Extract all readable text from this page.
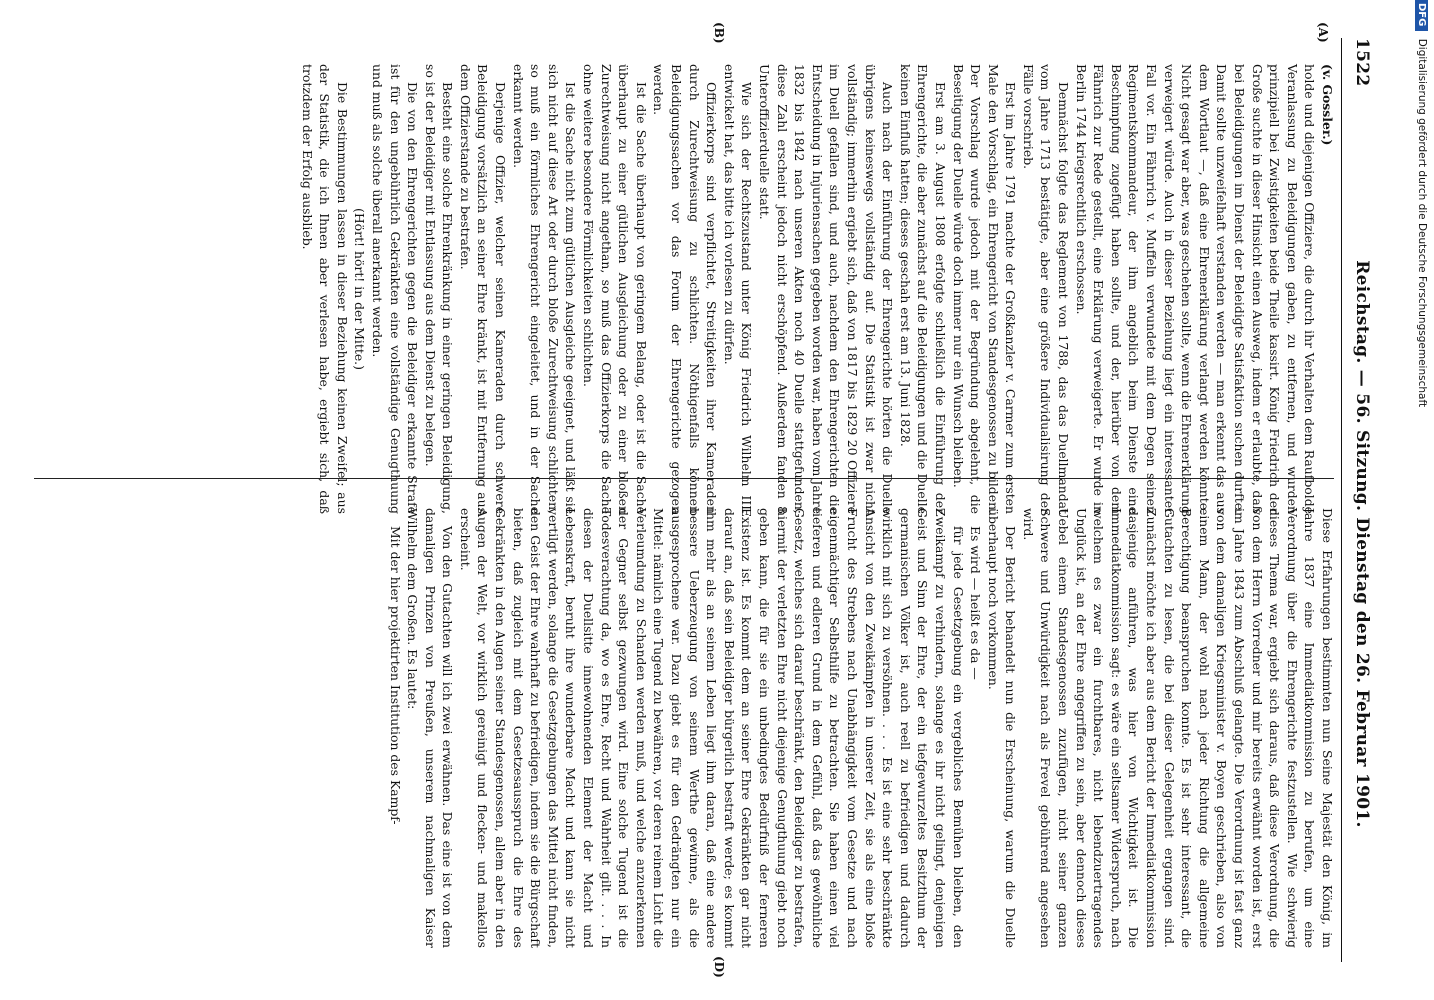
DFG Digitalisierung gefördert durch die Deutsche Forschungsgemeinschaft
1522
Reichstag. — 56. Sitzung. Dienstag den 26. Februar 1901.
(A)
(B)
(D)

(v. Gossler.)

holde und diejenigen Offiziere, die durch ihr Verhalten dem Raufbolde Veranlassung zu Beleidigungen gaben, zu entfernen, und wurden prinzipiell bei Zwistigkeiten beide Theile kassirt. König Friedrich der Große suchte in dieser Hinsicht einen Ausweg, indem er erlaubte, daß bei Beleidigungen im Dienst der Beleidigte Satisfaktion suchen durfte. Damit sollte unzweifelhaft verstanden werden — man erkennt das aus dem Wortlaut —, daß eine Ehrenerklärung verlangt werden könnte. Nicht gesagt war aber, was geschehen sollte, wenn die Ehrenerklärung verweigert würde. Auch in dieser Beziehung liegt ein interessanter Fall vor. Ein Fähnrich v. Muffeln verwundete mit dem Degen seinen Regimentskommandeur, der ihm angeblich beim Dienste eine Beschimpfung zugefügt haben sollte, und der, hierüber von dem Fähnrich zur Rede gestellt, eine Erklärung verweigerte. Er wurde in Berlin 1744 kriegsrechtlich erschossen.

Demnächst folgte das Reglement von 1788, das das Duellmandat vom Jahre 1713 bestätigte, aber eine größere Individualisirung der Fälle vorschrieb.

Erst im Jahre 1791 machte der Großkanzler v. Carmer zum ersten Male den Vorschlag, ein Ehrengericht von Standesgenossen zu bilden. Der Vorschlag wurde jedoch mit der Begründung abgelehnt, die Beseitigung der Duelle würde doch immer nur ein Wunsch bleiben.

Erst am 3. August 1808 erfolgte schließlich die Einführung der Ehrengerichte, die aber zunächst auf die Beleidigungen und die Duelle keinen Einfluß hatten; dieses geschah erst am 13. Juni 1828.

Auch nach der Einführung der Ehrengerichte hörten die Duelle übrigens keineswegs vollständig auf. Die Statistik ist zwar nicht vollständig; immerhin ergiebt sich, daß von 1817 bis 1829 20 Offiziere im Duell gefallen sind, und auch, nachdem den Ehrengerichten die Entscheidung in Injuriensachen gegeben worden war, haben vom Jahre 1832 bis 1842 nach unseren Akten noch 40 Duelle stattgefunden; diese Zahl erscheint jedoch nicht erschöpfend. Außerdem fanden 8 Unteroffizierduelle statt.

Wie sich der Rechtszustand unter König Friedrich Wilhelm III. entwickelt hat, das bitte ich vorlesen zu dürfen.

Offizierkorps sind verpflichtet, Streitigkeiten ihrer Kameraden durch Zurechtweisung zu schlichten. Nöthigenfalls können Beleidigungssachen vor das Forum der Ehrengerichte gezogen werden.

Ist die Sache überhaupt von geringem Belang, oder ist die Sache überhaupt zu einer gütlichen Ausgleichung oder zu einer bloßen Zurechtweisung nicht angethan, so muß das Offizierkorps die Sache ohne weitere besondere Förmlichkeiten schlichten.

Ist die Sache nicht zum gütlichen Ausgleiche geeignet, und läßt sie sich nicht auf diese Art oder durch bloße Zurechtweisung schlichten, so muß ein förmliches Ehrengericht eingeleitet, und in der Sache erkannt werden.

Derjenige Offizier, welcher seinen Kameraden durch schwere Beleidigung vorsätzlich an seiner Ehre kränkt, ist mit Entfernung aus dem Offizierstande zu bestrafen.

Besteht eine solche Ehrenkränkung in einer geringen Beleidigung, so ist der Beleidiger mit Entlassung aus dem Dienst zu belegen.

Die von den Ehrengerichten gegen die Beleidiger erkannte Strafe ist für den ungebührlich Gekränkten eine vollständige Genugthuung und muß als solche überall anerkannt werden.

(Hört! hört! in der Mitte.)

Die Bestimmungen lassen in dieser Beziehung keinen Zweifel; aus der Statistik, die ich Ihnen aber verlesen habe, ergiebt sich, daß trotzdem der Erfolg ausblieb.

Diese Erfahrungen bestimmten nun Seine Majestät den König, im Jahre 1837 eine Immediatkommission zu berufen, um eine Verordnung über die Ehrengerichte festzustellen. Wie schwierig dieses Thema war, ergiebt sich daraus, daß diese Verordnung, die von dem Herrn Vorredner und mir bereits erwähnt worden ist, erst im Jahre 1843 zum Abschluß gelangte. Die Verordnung ist fast ganz von dem damaligen Kriegsminister v. Boyen geschrieben, also von einem Mann, der wohl nach jeder Richtung die allgemeine Berechtigung beanspruchen konnte. Es ist sehr interessant, die Gutachten zu lesen, die bei dieser Gelegenheit ergangen sind. Zunächst möchte ich aber aus dem Bericht der Immediatkommission dasjenige anführen, was hier von Wichtigkeit ist. Die Immediatkommission sagt: es wäre ein seltsamer Widerspruch, nach welchem es zwar ein furchtbares, nicht lebendzuertragendes Unglück ist, an der Ehre angegriffen zu sein, aber dennoch dieses Uebel einem Standesgenossen zuzufügen, nicht seiner ganzen Schwere und Unwürdigkeit nach als Frevel gebührend angesehen wird.

Der Bericht behandelt nun die Erscheinung, warum die Duelle überhaupt noch vorkommen.

Es wird — heißt es da —

für jede Gesetzgebung ein vergebliches Bemühen bleiben, den Zweikampf zu verhindern, solange es ihr nicht gelingt, denjenigen Geist und Sinn der Ehre, der ein tiefgewurzeltes Besitzthum der germanischen Völker ist, auch reell zu befriedigen und dadurch wirklich mit sich zu versöhnen. . . . Es ist eine sehr beschränkte Ansicht von den Zweikämpfen in unserer Zeit, sie als eine bloße Frucht des Strebens nach Unabhängigkeit vom Gesetze und nach eigenmächtiger Selbsthilfe zu betrachten. Sie haben einen viel tieferen und edleren Grund in dem Gefühl, daß das gewöhnliche Gesetz, welches sich darauf beschränkt, den Beleidiger zu bestrafen, hiermit der verletzten Ehre nicht diejenige Genugthuung giebt noch geben kann, die für sie ein unbedingtes Bedürfniß der ferneren Existenz ist. Es kommt dem an seiner Ehre Gekränkten gar nicht darauf an, daß sein Beleidiger bürgerlich bestraft werde; es kommt ihm mehr als an seinem Leben liegt ihm daran, daß eine andere bessere Ueberzeugung von seinem Werthe gewinne, als die ausgesprochene war. Dazu giebt es für den Gedrängten nur ein Mittel: nämlich eine Tugend zu bewähren, vor deren reinem Licht die Verleumdung zu Schanden werden muß, und welche anzuerkennen der Gegner selbst gezwungen wird. Eine solche Tugend ist die Todesverachtung da, wo es Ehre, Recht und Wahrheit gilt. . . . In diesen der Duellsitte innewohnenden Element der Macht und Lebenskraft, beruht ihre wunderbare Macht und kann sie nicht vertilgt werden, solange die Gesetzgebungen das Mittel nicht finden, den Geist der Ehre wahrhaft zu befriedigen, indem sie die Bürgschaft bieten, daß zugleich mit dem Gesetzesausspruch die Ehre des Gekränkten in den Augen seiner Standesgenossen, allem aber in den Augen der Welt, vor wirklich gereinigt und flecken- und makellos erscheint.

Von den Gutachten will ich zwei erwähnen. Das eine ist von dem damaligen Prinzen von Preußen, unserem nachmaligen Kaiser Wilhelm dem Großen. Es lautet:

Mit der hier projektirten Institution des Kampf-
